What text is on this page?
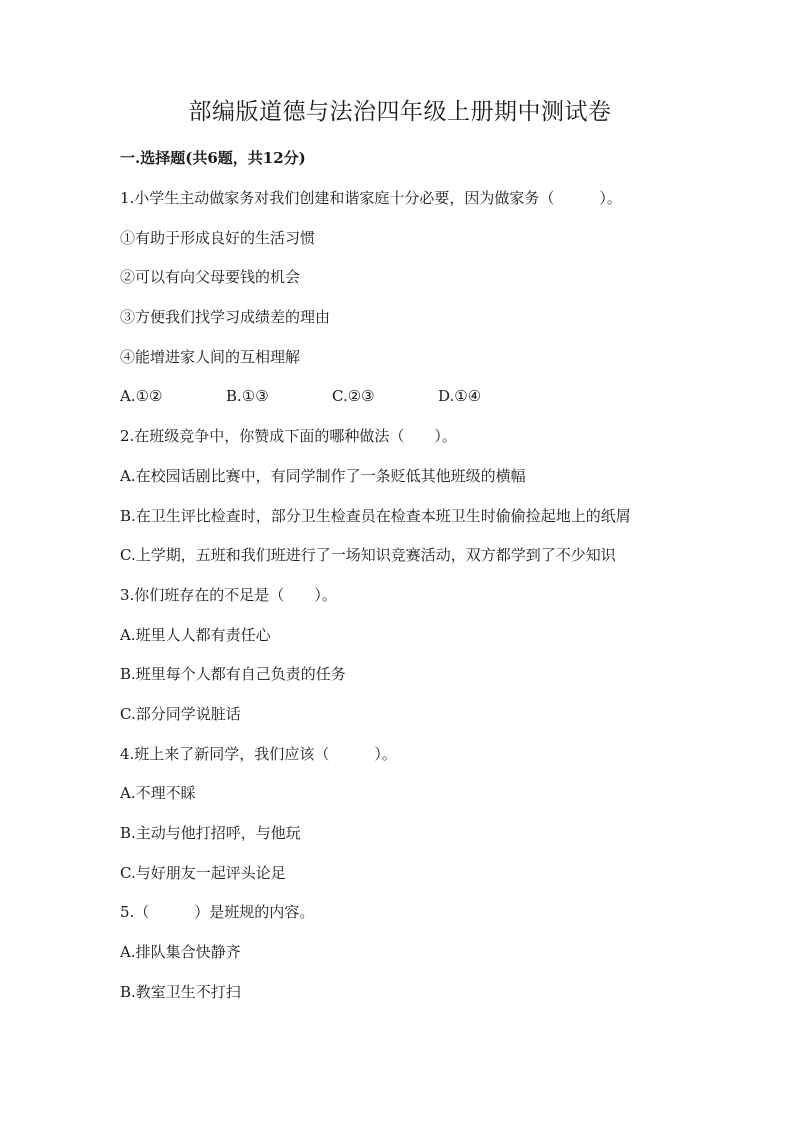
部编版道德与法治四年级上册期中测试卷
一.选择题(共6题，共12分)
1.小学生主动做家务对我们创建和谐家庭十分必要，因为做家务（　　　）。
①有助于形成良好的生活习惯
②可以有向父母要钱的机会
③方便我们找学习成绩差的理由
④能增进家人间的互相理解
A.①②	B.①③	C.②③	D.①④
2.在班级竞争中，你赞成下面的哪种做法（　　）。
A.在校园话剧比赛中，有同学制作了一条贬低其他班级的横幅
B.在卫生评比检查时，部分卫生检查员在检查本班卫生时偷偷捡起地上的纸屑
C.上学期，五班和我们班进行了一场知识竞赛活动，双方都学到了不少知识
3.你们班存在的不足是（　　）。
A.班里人人都有责任心
B.班里每个人都有自己负责的任务
C.部分同学说脏话
4.班上来了新同学，我们应该（　　　）。
A.不理不睬
B.主动与他打招呼，与他玩
C.与好朋友一起评头论足
5.（　　　）是班规的内容。
A.排队集合快静齐
B.教室卫生不打扫
